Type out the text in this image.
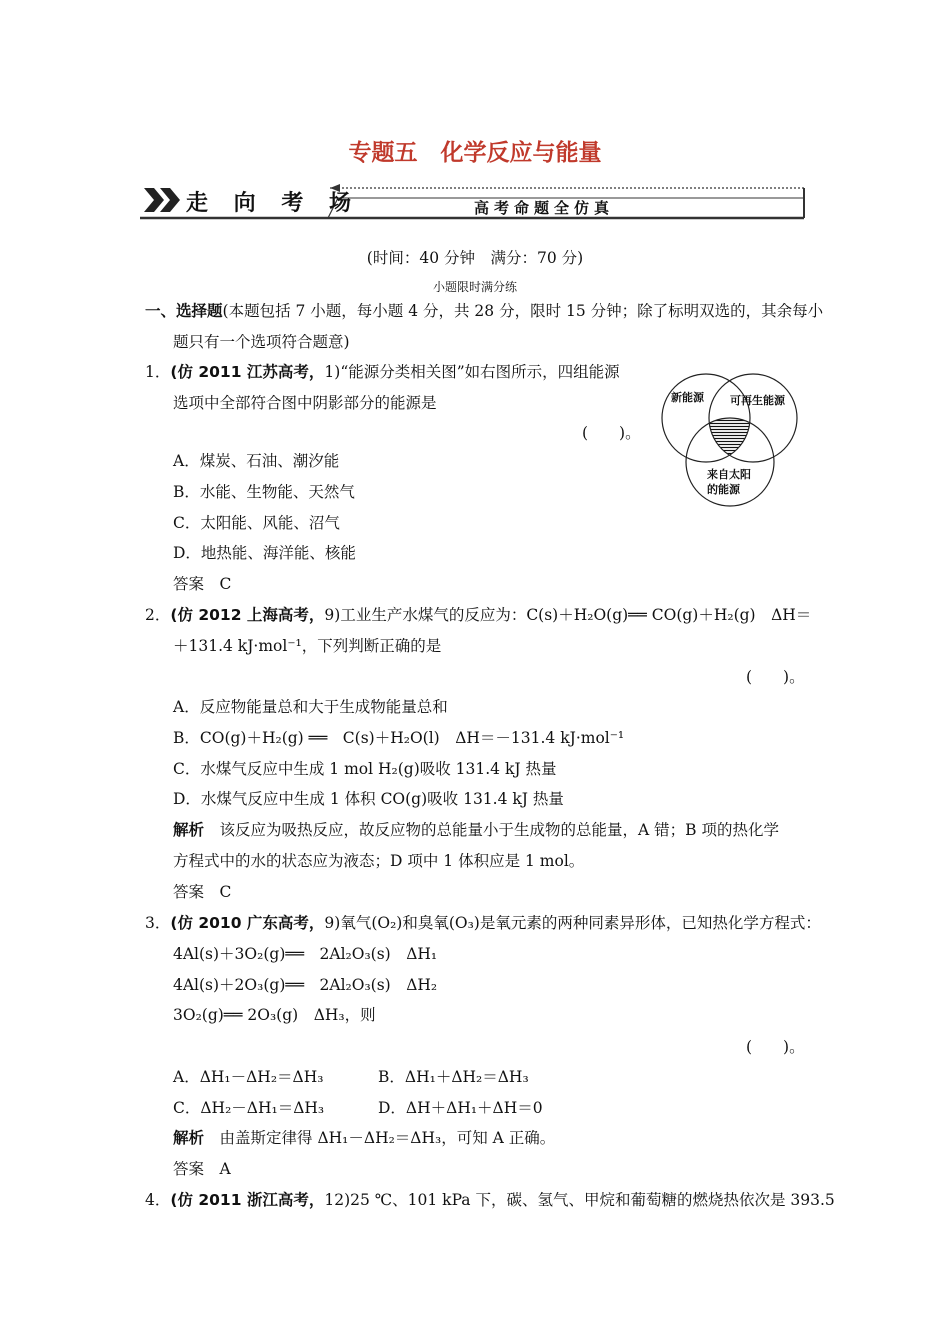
专题五　化学反应与能量
走 向 考 场	高考命题全仿真
(时间：40 分钟　满分：70 分)
小题限时满分练
一、选择题(本题包括 7 小题，每小题 4 分，共 28 分，限时 15 分钟；除了标明双选的，其余每小
题只有一个选项符合题意)
1．(仿 2011 江苏高考，1)“能源分类相关图”如右图所示，四组能源
选项中全部符合图中阴影部分的能源是
(　　)。
A．煤炭、石油、潮汐能
B．水能、生物能、天然气
C．太阳能、风能、沼气
D．地热能、海洋能、核能
答案　C
新能源 可再生能源
来自太阳
的能源
2．(仿 2012 上海高考，9)工业生产水煤气的反应为：C(s)＋H₂O(g)══ CO(g)＋H₂(g)　ΔH＝
＋131.4 kJ·mol⁻¹，下列判断正确的是
(　　)。
A．反应物能量总和大于生成物能量总和
B．CO(g)＋H₂(g) ══　C(s)＋H₂O(l)　ΔH＝－131.4 kJ·mol⁻¹
C．水煤气反应中生成 1 mol H₂(g)吸收 131.4 kJ 热量
D．水煤气反应中生成 1 体积 CO(g)吸收 131.4 kJ 热量
解析　 该反应为吸热反应，故反应物的总能量小于生成物的总能量，A 错；B 项的热化学
方程式中的水的状态应为液态；D 项中 1 体积应是 1 mol。
答案　C
3．(仿 2010 广东高考，9)氧气(O₂)和臭氧(O₃)是氧元素的两种同素异形体，已知热化学方程式：
4Al(s)＋3O₂(g)══　2Al₂O₃(s)　ΔH₁
4Al(s)＋2O₃(g)══　2Al₂O₃(s)　ΔH₂
3O₂(g)══ 2O₃(g)　ΔH₃，则
(　　)。
A．ΔH₁－ΔH₂＝ΔH₃	B．ΔH₁＋ΔH₂＝ΔH₃
C．ΔH₂－ΔH₁＝ΔH₃	D．ΔH＋ΔH₁＋ΔH＝0
解析　 由盖斯定律得 ΔH₁－ΔH₂＝ΔH₃，可知 A 正确。
答案　A
4．(仿 2011 浙江高考，12)25 ℃、101 kPa 下，碳、氢气、甲烷和葡萄糖的燃烧热依次是 393.5
